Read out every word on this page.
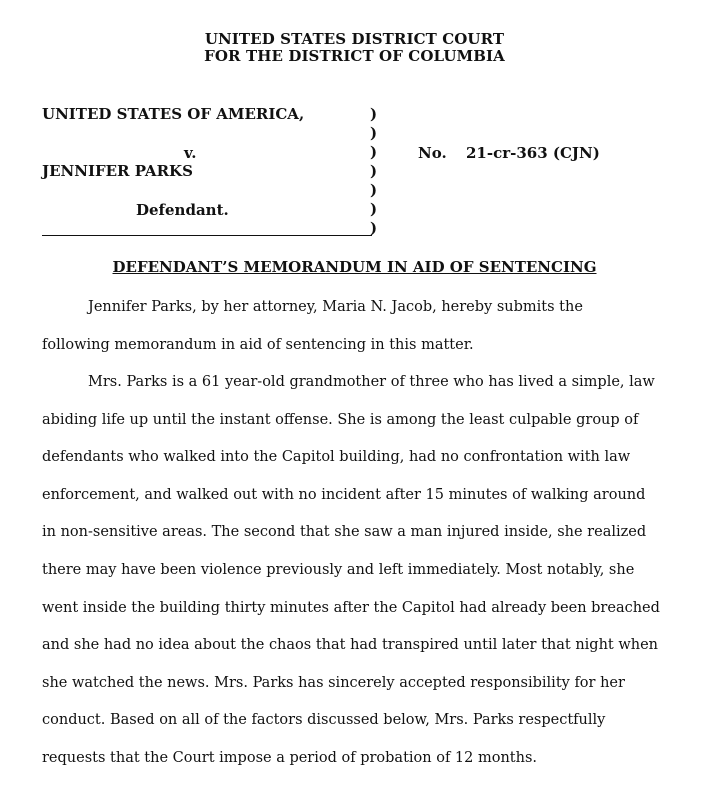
UNITED STATES DISTRICT COURT
FOR THE DISTRICT OF COLUMBIA
UNITED STATES OF AMERICA,
v.
JENNIFER PARKS
Defendant.
)
)
)
)
)
)
)
No. 21-cr-363 (CJN)
DEFENDANT’S MEMORANDUM IN AID OF SENTENCING
Jennifer Parks, by her attorney, Maria N. Jacob, hereby submits the
following memorandum in aid of sentencing in this matter.
Mrs. Parks is a 61 year-old grandmother of three who has lived a simple, law
abiding life up until the instant offense. She is among the least culpable group of
defendants who walked into the Capitol building, had no confrontation with law
enforcement, and walked out with no incident after 15 minutes of walking around
in non-sensitive areas. The second that she saw a man injured inside, she realized
there may have been violence previously and left immediately. Most notably, she
went inside the building thirty minutes after the Capitol had already been breached
and she had no idea about the chaos that had transpired until later that night when
she watched the news. Mrs. Parks has sincerely accepted responsibility for her
conduct. Based on all of the factors discussed below, Mrs. Parks respectfully
requests that the Court impose a period of probation of 12 months.
